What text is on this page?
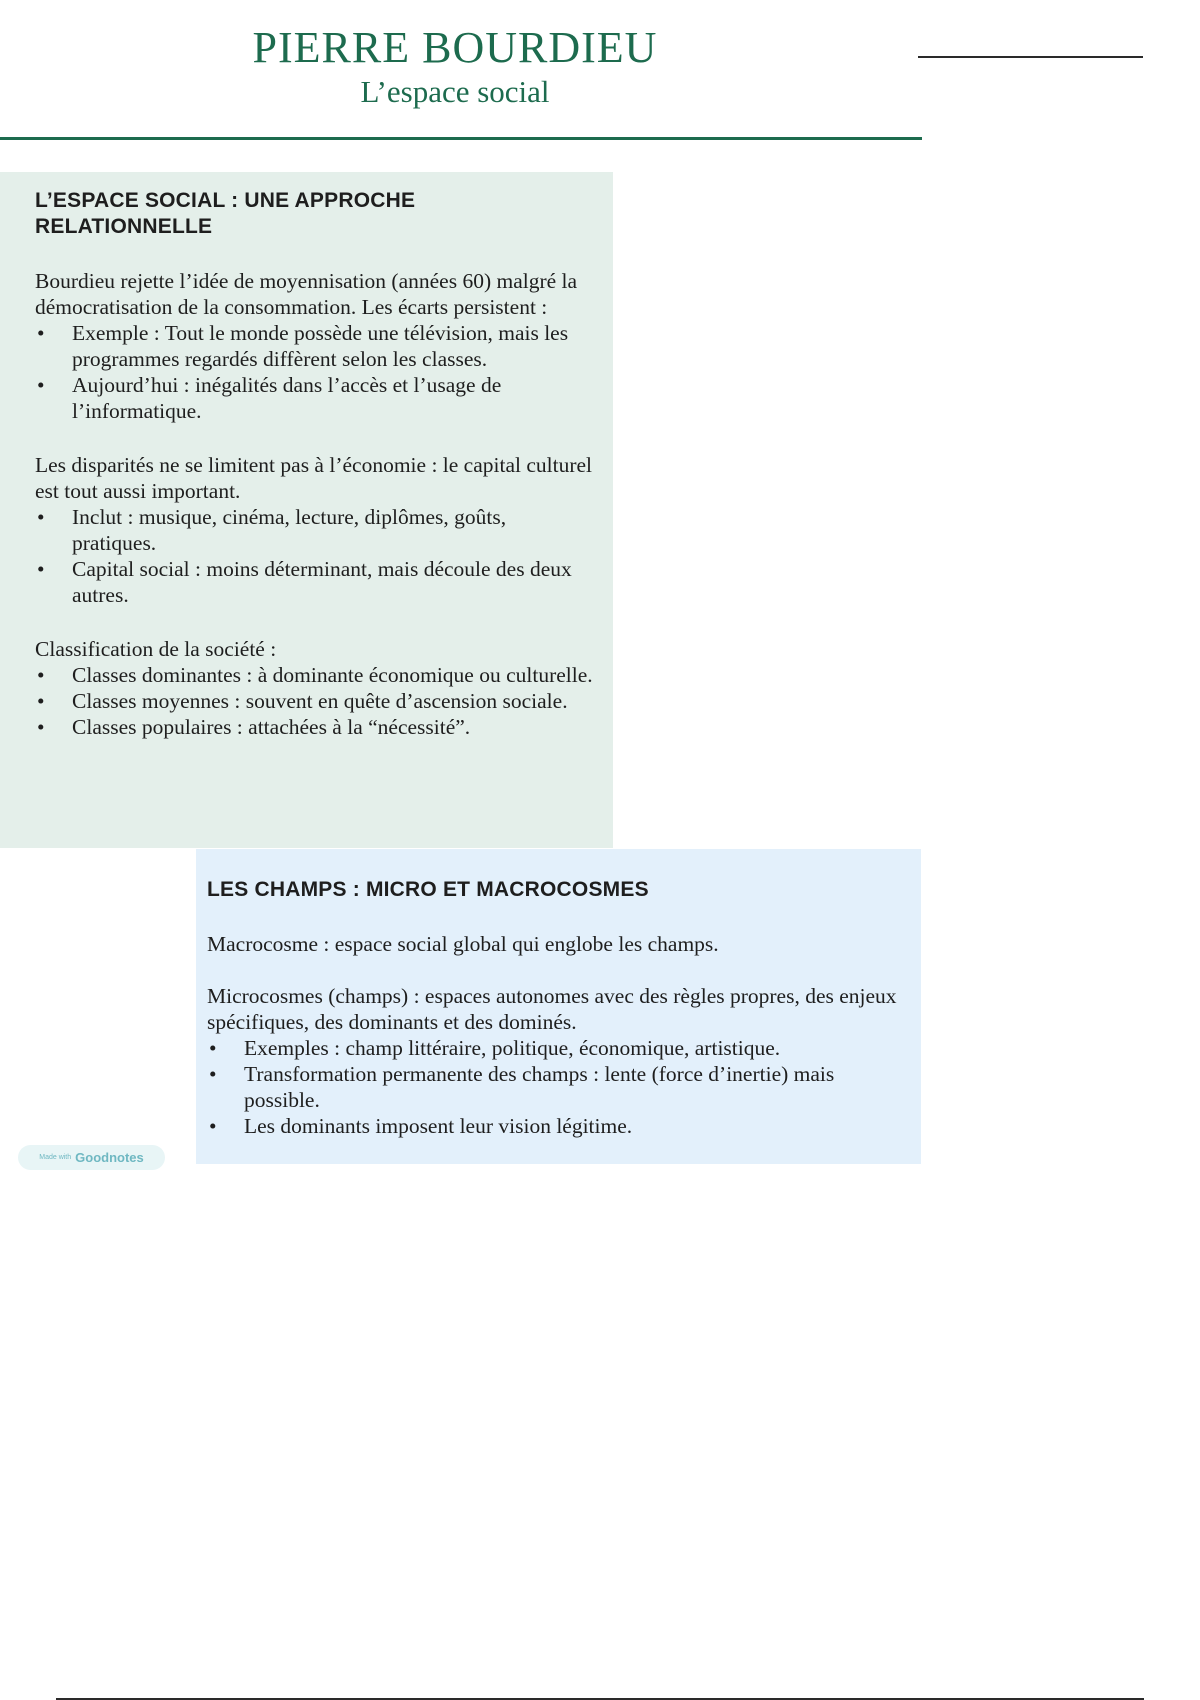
PIERRE BOURDIEU
L’espace social
L’ESPACE SOCIAL : UNE APPROCHE RELATIONNELLE

Bourdieu rejette l’idée de moyennisation (années 60) malgré la démocratisation de la consommation. Les écarts persistent :

• Exemple : Tout le monde possède une télévision, mais les programmes regardés diffèrent selon les classes.
• Aujourd’hui : inégalités dans l’accès et l’usage de l’informatique.

Les disparités ne se limitent pas à l’économie : le capital culturel est tout aussi important.

• Inclut : musique, cinéma, lecture, diplômes, goûts, pratiques.
• Capital social : moins déterminant, mais découle des deux autres.

Classification de la société :

• Classes dominantes : à dominante économique ou culturelle.
• Classes moyennes : souvent en quête d’ascension sociale.
• Classes populaires : attachées à la “nécessité”.
LES CHAMPS : MICRO ET MACROCOSMES

Macrocosme : espace social global qui englobe les champs.

Microcosmes (champs) : espaces autonomes avec des règles propres, des enjeux spécifiques, des dominants et des dominés.

• Exemples : champ littéraire, politique, économique, artistique.
• Transformation permanente des champs : lente (force d’inertie) mais possible.
• Les dominants imposent leur vision légitime.
Made with Goodnotes
